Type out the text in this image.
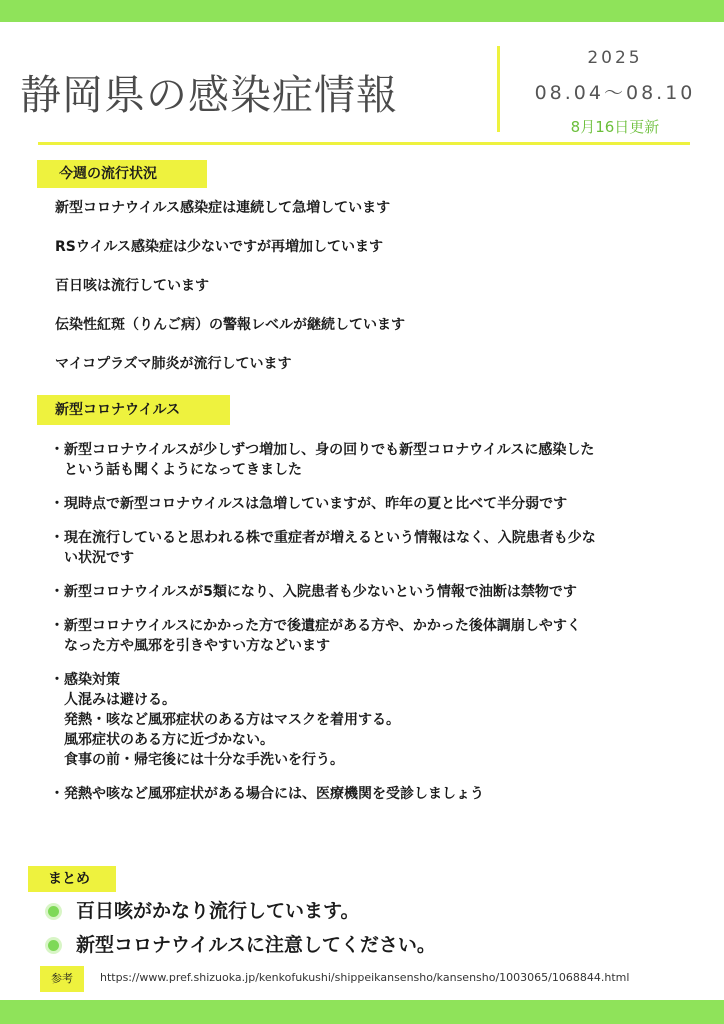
静岡県の感染症情報
2025
08.04～08.10
8月16日更新
今週の流行状況
新型コロナウイルス感染症は連続して急増しています
RSウイルス感染症は少ないですが再増加しています
百日咳は流行しています
伝染性紅斑（りんご病）の警報レベルが継続しています
マイコプラズマ肺炎が流行しています
新型コロナウイルス
・ 新型コロナウイルスが少しずつ増加し、身の回りでも新型コロナウイルスに感染した
という話も聞くようになってきました
・ 現時点で新型コロナウイルスは急増していますが、昨年の夏と比べて半分弱です
・ 現在流行していると思われる株で重症者が増えるという情報はなく、入院患者も少な
い状況です
・ 新型コロナウイルスが5類になり、入院患者も少ないという情報で油断は禁物です
・ 新型コロナウイルスにかかった方で後遺症がある方や、かかった後体調崩しやすく
なった方や風邪を引きやすい方などいます
・ 感染対策
人混みは避ける。
発熱・咳など風邪症状のある方はマスクを着用する。
風邪症状のある方に近づかない。
食事の前・帰宅後には十分な手洗いを行う。
・ 発熱や咳など風邪症状がある場合には、医療機関を受診しましょう
まとめ
百日咳がかなり流行しています。
新型コロナウイルスに注意してください。
参考	https://www.pref.shizuoka.jp/kenkofukushi/shippeikansensho/kansensho/1003065/1068844.html
